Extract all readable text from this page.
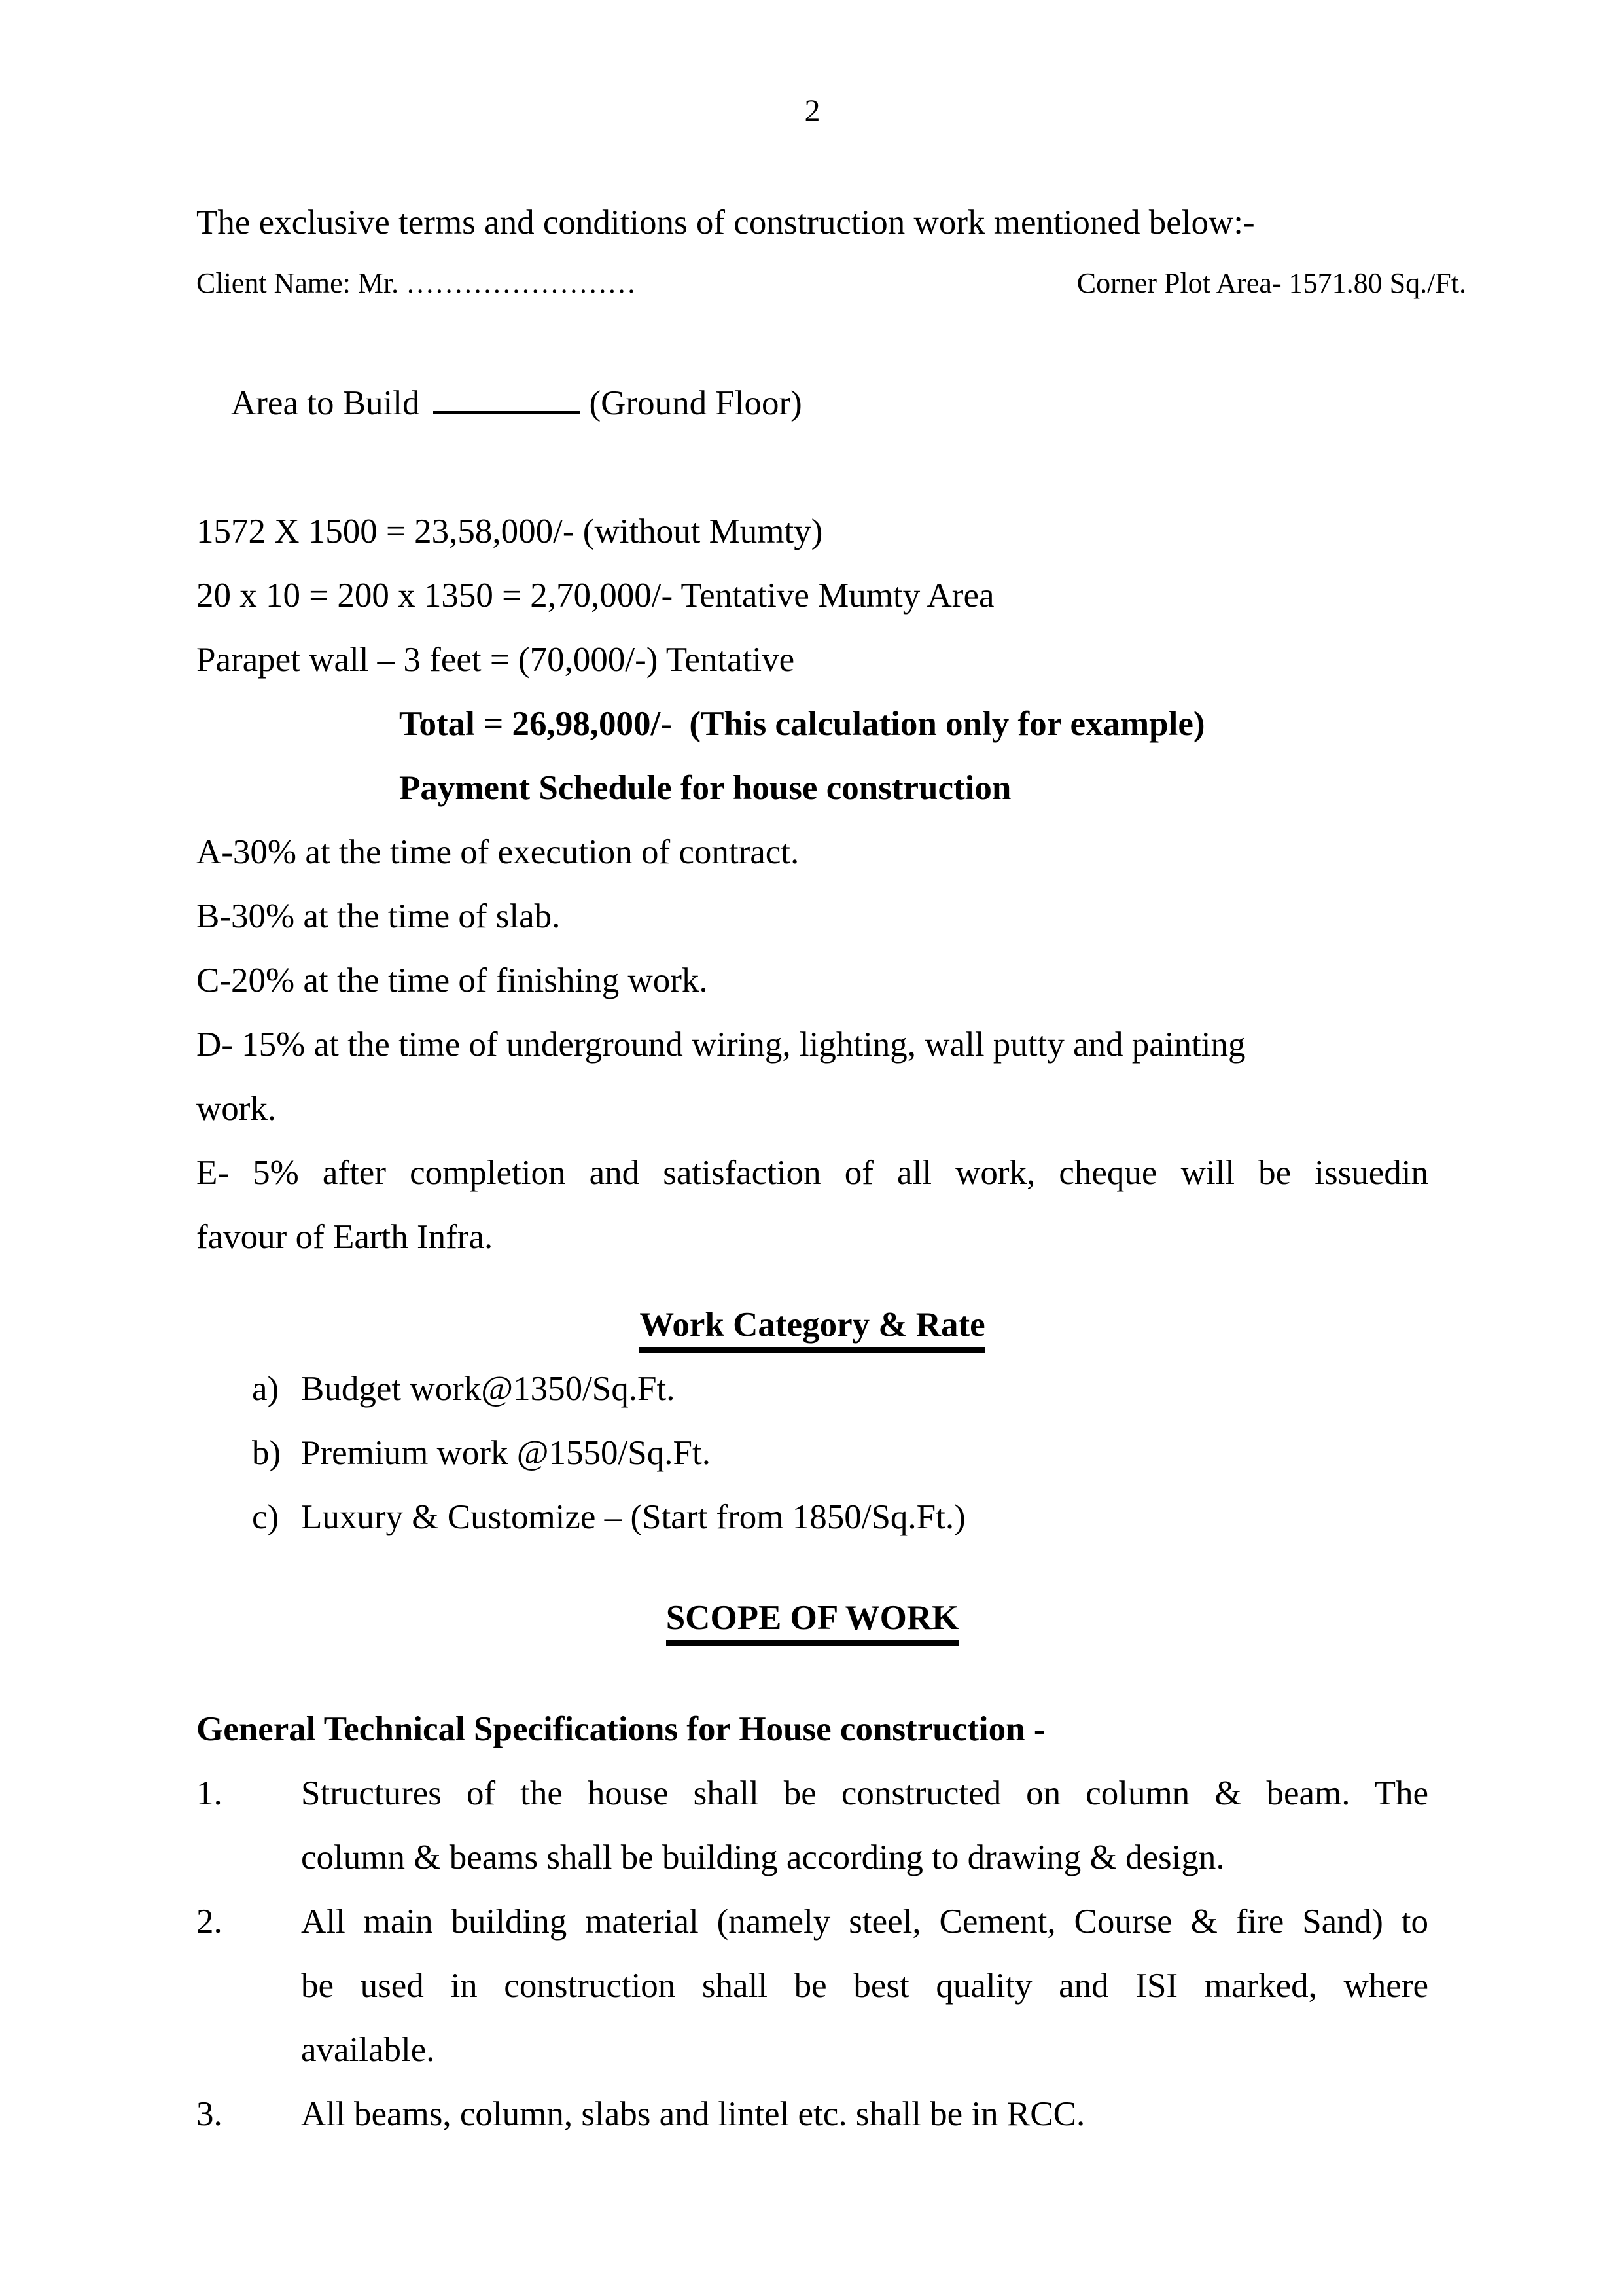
2
The exclusive terms and conditions of construction work mentioned below:-
Client Name: Mr. ……………………	Corner Plot Area- 1571.80 Sq./Ft.

Area to Build	(Ground Floor)

1572 X 1500 = 23,58,000/- (without Mumty)
20 x 10 = 200 x 1350 = 2,70,000/- Tentative Mumty Area
Parapet wall – 3 feet = (70,000/-) Tentative
Total = 26,98,000/-  (This calculation only for example)
Payment Schedule for house construction
A-30% at the time of execution of contract.
B-30% at the time of slab.
C-20% at the time of finishing work.
D- 15% at the time of underground wiring, lighting, wall putty and painting
work.
E- 5% after completion and satisfaction of all work, cheque will be issuedin
favour of Earth Infra.
Work Category & Rate
a) Budget work@1350/Sq.Ft.
b) Premium work @1550/Sq.Ft.
c) Luxury & Customize – (Start from 1850/Sq.Ft.)
SCOPE OF WORK
General Technical Specifications for House construction -
1.	Structures of the house shall be constructed on column & beam. The
column & beams shall be building according to drawing & design.
2.	All main building material (namely steel, Cement, Course & fire Sand) to
be used in construction shall be best quality and ISI marked, where
available.
3.	All beams, column, slabs and lintel etc. shall be in RCC.
